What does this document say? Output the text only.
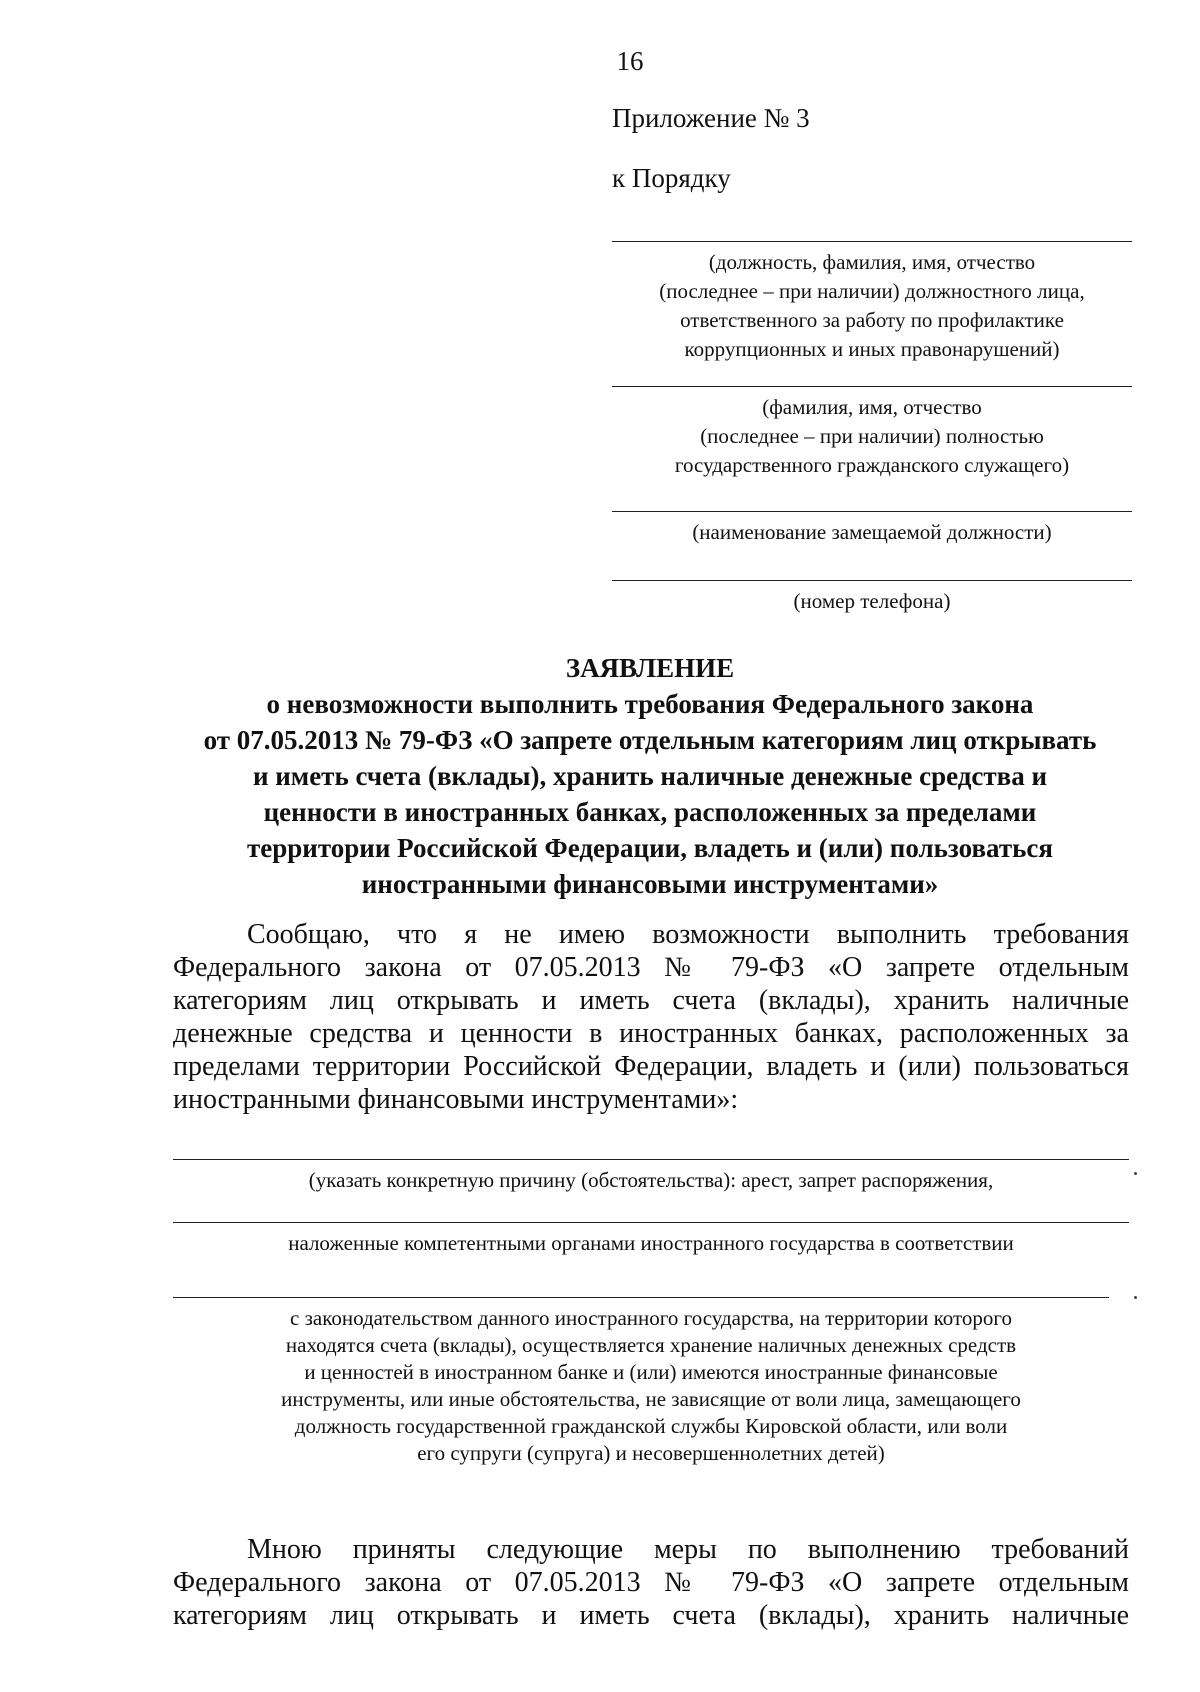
16
Приложение № 3
к Порядку
(должность, фамилия, имя, отчество
(последнее – при наличии) должностного лица,
ответственного за работу по профилактике
коррупционных и иных правонарушений)
(фамилия, имя, отчество
(последнее – при наличии) полностью
государственного гражданского служащего)
(наименование замещаемой должности)
(номер телефона)
ЗАЯВЛЕНИЕ
о невозможности выполнить требования Федерального закона
от 07.05.2013 № 79-ФЗ «О запрете отдельным категориям лиц открывать
и иметь счета (вклады), хранить наличные денежные средства и
ценности в иностранных банках, расположенных за пределами
территории Российской Федерации, владеть и (или) пользоваться
иностранными финансовыми инструментами»
Сообщаю, что я не имею возможности выполнить требования
Федерального закона от 07.05.2013 № 79-ФЗ «О запрете отдельным
категориям лиц открывать и иметь счета (вклады), хранить наличные
денежные средства и ценности в иностранных банках, расположенных за
пределами территории Российской Федерации, владеть и (или) пользоваться
иностранными финансовыми инструментами»:
(указать конкретную причину (обстоятельства): арест, запрет распоряжения,
наложенные компетентными органами иностранного государства в соответствии
с законодательством данного иностранного государства, на территории которого
находятся счета (вклады), осуществляется хранение наличных денежных средств
и ценностей в иностранном банке и (или) имеются иностранные финансовые
инструменты, или иные обстоятельства, не зависящие от воли лица, замещающего
должность государственной гражданской службы Кировской области, или воли
его супруги (супруга) и несовершеннолетних детей)
Мною приняты следующие меры по выполнению требований
Федерального закона от 07.05.2013 № 79-ФЗ «О запрете отдельным
категориям лиц открывать и иметь счета (вклады), хранить наличные
